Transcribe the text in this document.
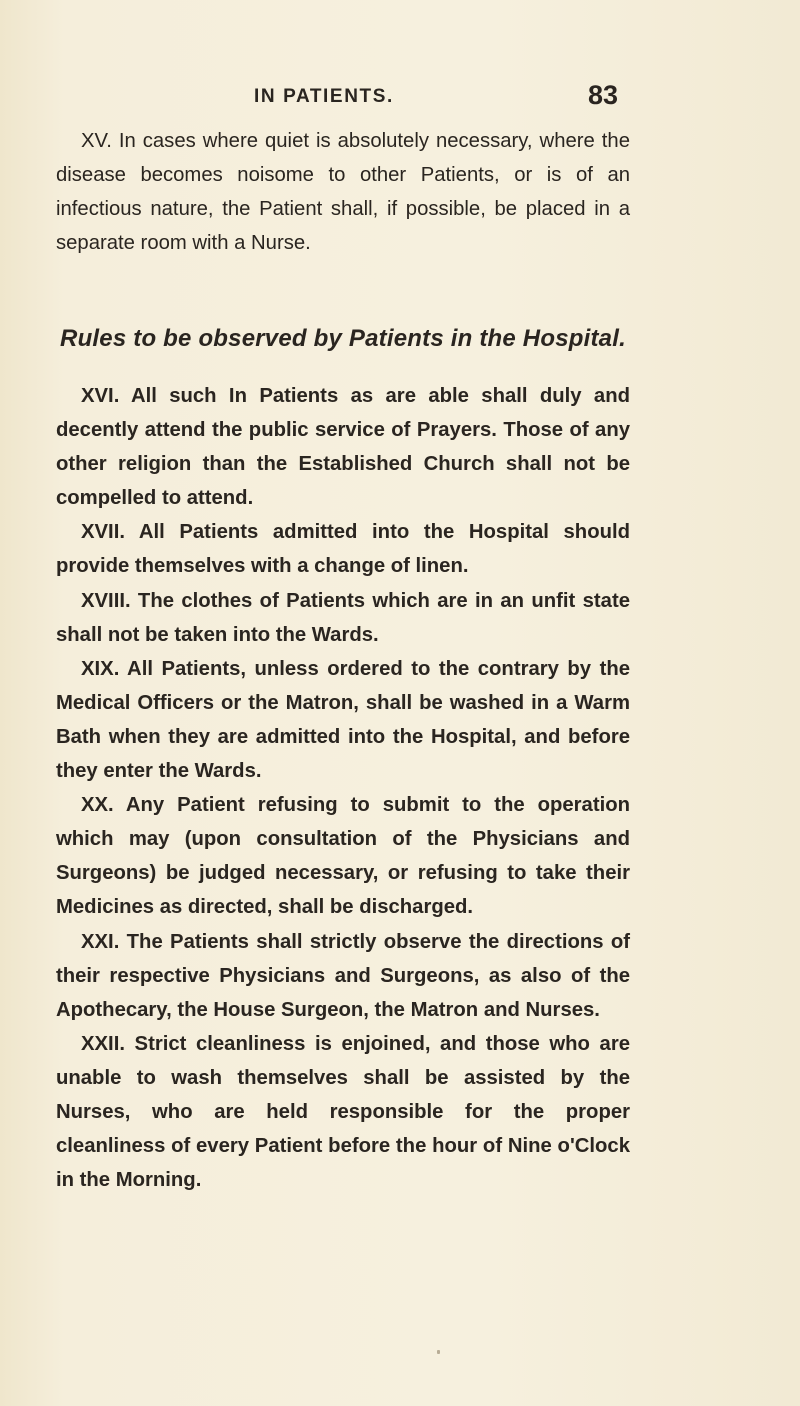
IN PATIENTS.	83

XV. In cases where quiet is absolutely necessary, where the disease becomes noisome to other Patients, or is of an infectious nature, the Patient shall, if possible, be placed in a separate room with a Nurse.

Rules to be observed by Patients in the Hospital.

XVI. All such In Patients as are able shall duly and decently attend the public service of Prayers. Those of any other religion than the Established Church shall not be compelled to attend.

XVII. All Patients admitted into the Hospital should provide themselves with a change of linen.

XVIII. The clothes of Patients which are in an unfit state shall not be taken into the Wards.

XIX. All Patients, unless ordered to the contrary by the Medical Officers or the Matron, shall be washed in a Warm Bath when they are admitted into the Hospital, and before they enter the Wards.

XX. Any Patient refusing to submit to the operation which may (upon consultation of the Physicians and Surgeons) be judged necessary, or refusing to take their Medicines as directed, shall be discharged.

XXI. The Patients shall strictly observe the directions of their respective Physicians and Surgeons, as also of the Apothecary, the House Surgeon, the Matron and Nurses.

XXII. Strict cleanliness is enjoined, and those who are unable to wash themselves shall be assisted by the Nurses, who are held responsible for the proper cleanliness of every Patient before the hour of Nine o'Clock in the Morning.
